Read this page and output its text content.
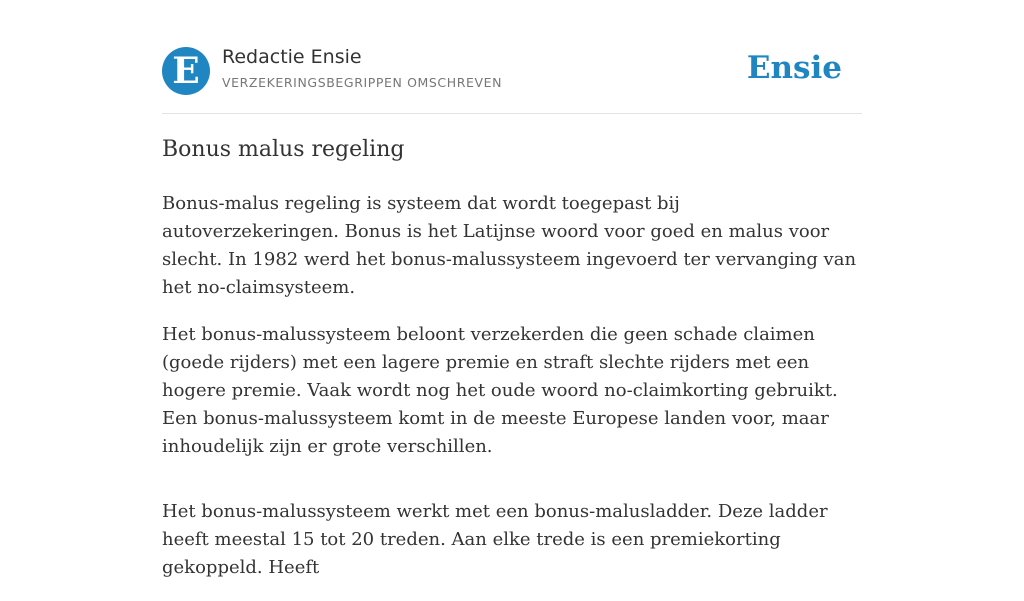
E	Redactie Ensie
VERZEKERINGSBEGRIPPEN OMSCHREVEN	Ensie
Bonus malus regeling

Bonus-malus regeling is systeem dat wordt toegepast bij autoverzekeringen. Bonus is het Latijnse woord voor goed en malus voor slecht. In 1982 werd het bonus-malussysteem ingevoerd ter vervanging van het no-claimsysteem.

Het bonus-malussysteem beloont verzekerden die geen schade claimen (goede rijders) met een lagere premie en straft slechte rijders met een hogere premie. Vaak wordt nog het oude woord no-claimkorting gebruikt. Een bonus-malussysteem komt in de meeste Europese landen voor, maar inhoudelijk zijn er grote verschillen.

Het bonus-malussysteem werkt met een bonus-malusladder. Deze ladder heeft meestal 15 tot 20 treden. Aan elke trede is een premiekorting gekoppeld. Heeft
